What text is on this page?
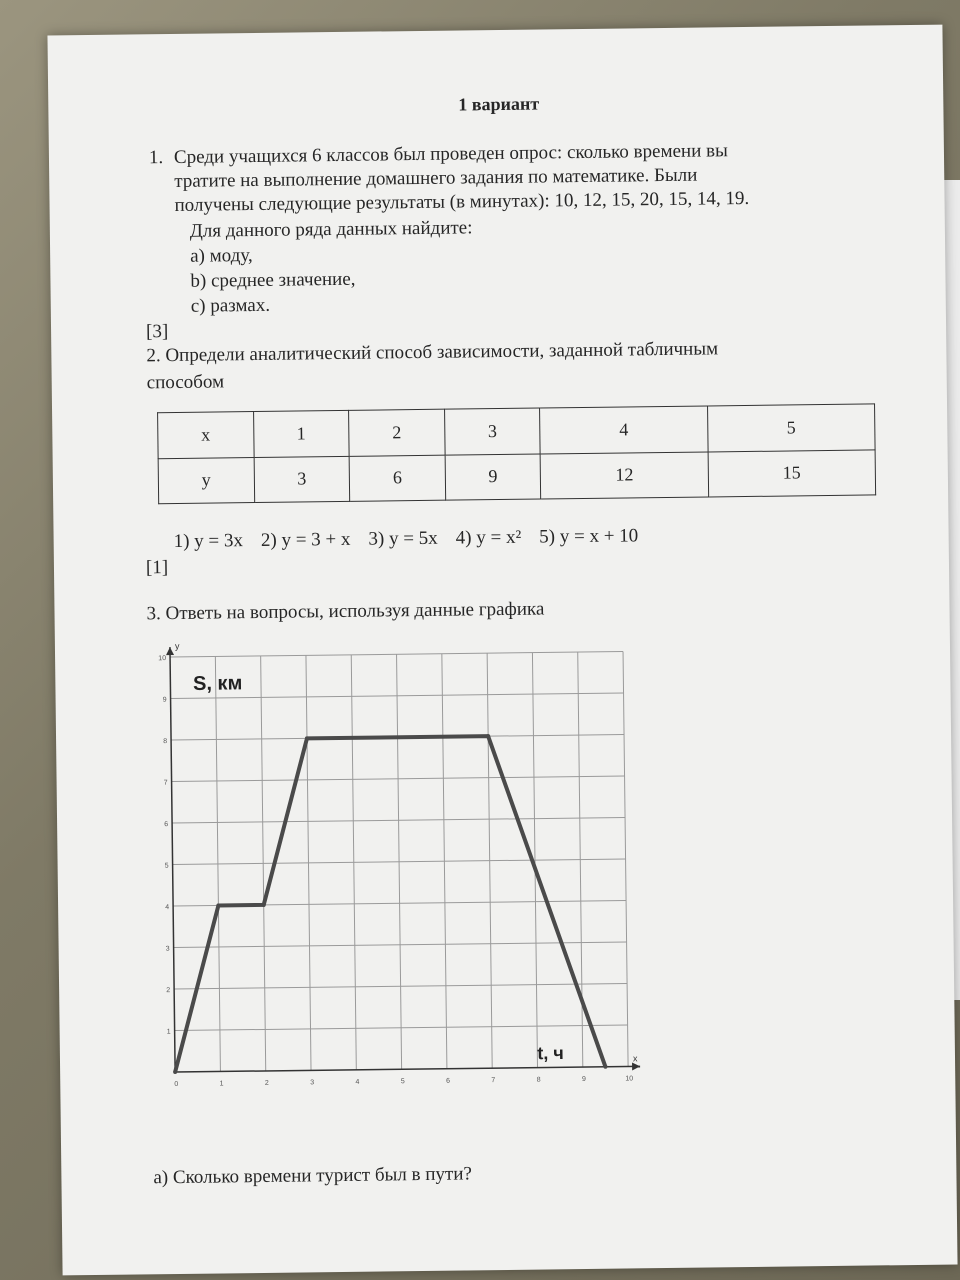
1 вариант
1. Среди учащихся 6 классов был проведен опрос: сколько времени вы
тратите на выполнение домашнего задания по математике. Были
получены следующие результаты (в минутах): 10, 12, 15, 20, 15, 14, 19.
Для данного ряда данных найдите:
a) моду,
b) среднее значение,
c) размах.
[3]
2. Определи аналитический способ зависимости, заданной табличным
способом
x	1	2	3	4	5
y	3	6	9	12	15
1) y = 3x 2) y = 3 + x 3) y = 5x 4) y = x² 5) y = x + 10
[1]
3. Ответь на вопросы, используя данные графика
0	1	2	3	4	5	6	7	8	9	10
1
2
3
4
5
6
7
8
9
10
S, км
t, ч
y
x
a) Сколько времени турист был в пути?
